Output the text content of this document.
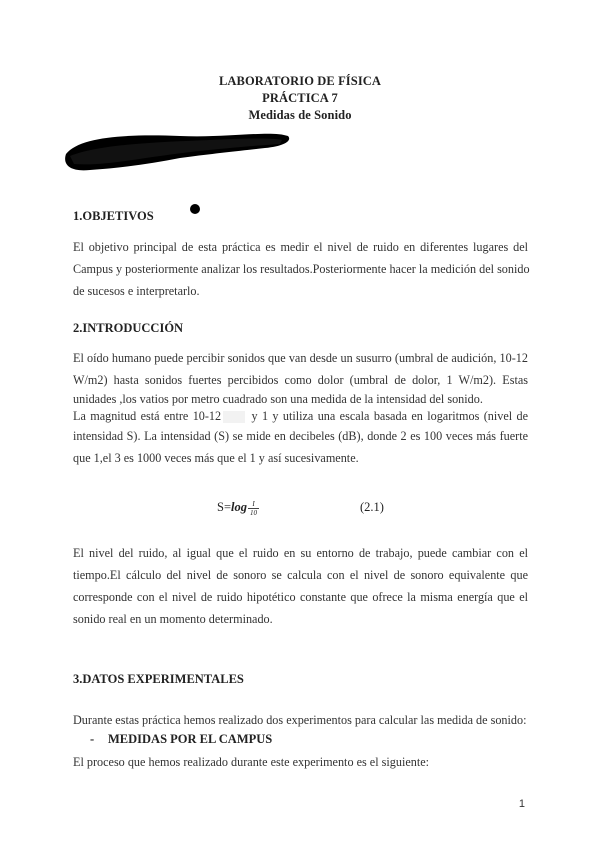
LABORATORIO DE FÍSICA
PRÁCTICA 7
Medidas de Sonido
1.OBJETIVOS
El objetivo principal de esta práctica es medir el nivel de ruido en diferentes lugares del
Campus y posteriormente analizar los resultados.Posteriormente hacer la medición del sonido
de sucesos e interpretarlo.
2.INTRODUCCIÓN
El oído humano puede percibir sonidos que van desde un susurro (umbral de audición, 10-12
W/m2) hasta sonidos fuertes percibidos como dolor (umbral de dolor, 1 W/m2). Estas
unidades ,los vatios por metro cuadrado son una medida de la intensidad del sonido.
La magnitud está entre 10-12 y 1 y utiliza una escala basada en logaritmos (nivel de
intensidad S). La intensidad (S) se mide en decibeles (dB), donde 2 es 100 veces más fuerte
que 1,el 3 es 1000 veces más que el 1 y así sucesivamente.
$S=\log \frac{I}{10}$	(2.1)
El nivel del ruido, al igual que el ruido en su entorno de trabajo, puede cambiar con el
tiempo.El cálculo del nivel de sonoro se calcula con el nivel de sonoro equivalente que
corresponde con el nivel de ruido hipotético constante que ofrece la misma energía que el
sonido real en un momento determinado.
3.DATOS EXPERIMENTALES
Durante estas práctica hemos realizado dos experimentos para calcular las medida de sonido:
- MEDIDAS POR EL CAMPUS
El proceso que hemos realizado durante este experimento es el siguiente:
1
